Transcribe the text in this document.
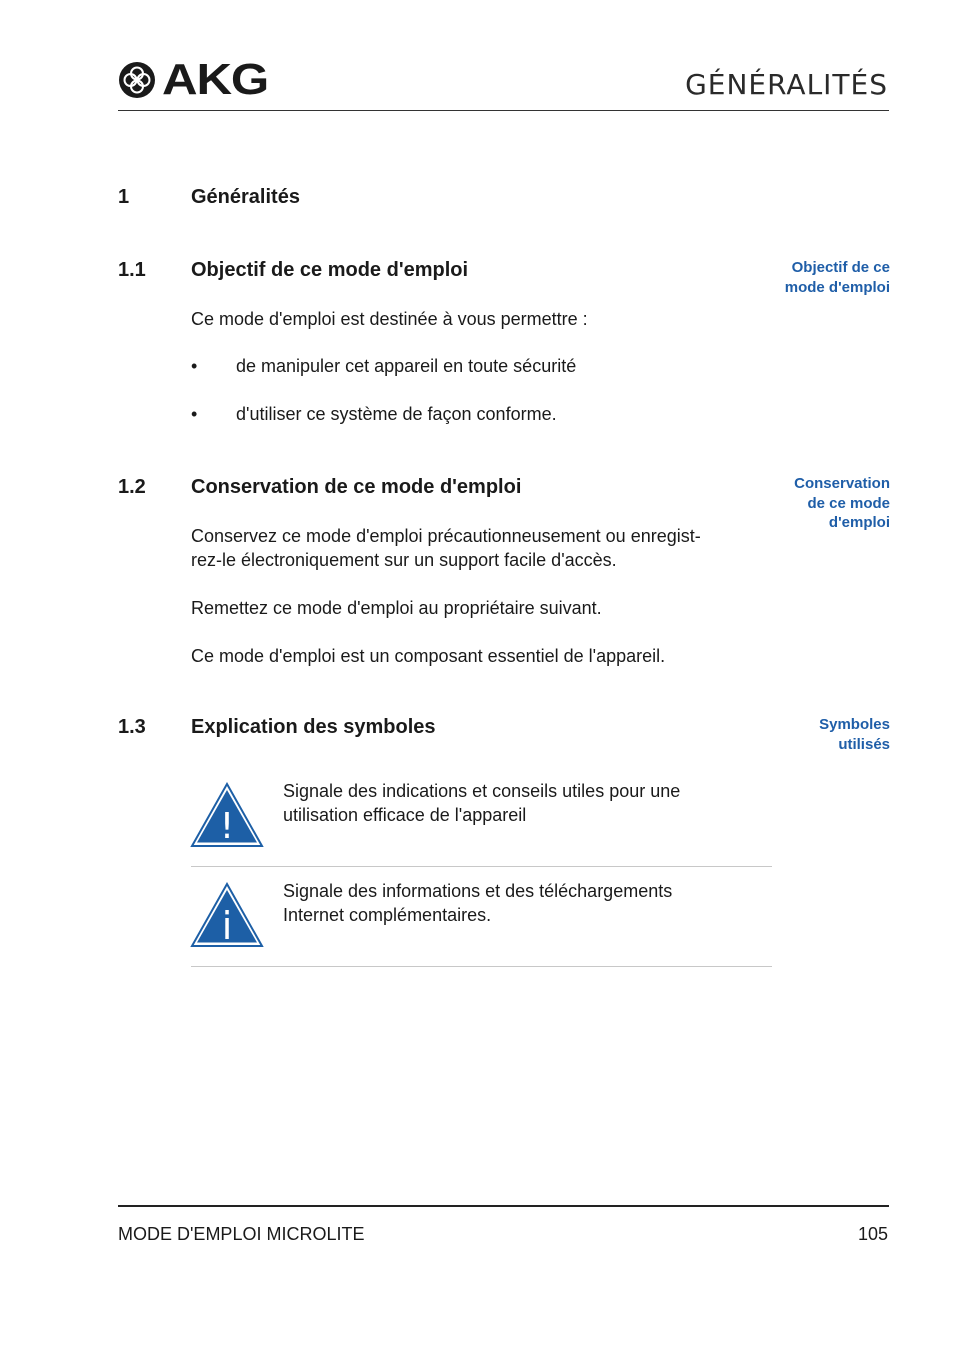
AKG	GÉNÉRALITÉS
1	Généralités
1.1 Objectif de ce mode d'emploi	Objectif de ce
mode d'emploi
Ce mode d'emploi est destinée à vous permettre :
• de manipuler cet appareil en toute sécurité
• d'utiliser ce système de façon conforme.
1.2 Conservation de ce mode d'emploi	Conservation
de ce mode
d'emploi
Conservez ce mode d'emploi précautionneusement ou enregist-
rez-le électroniquement sur un support facile d'accès.
Remettez ce mode d'emploi au propriétaire suivant.
Ce mode d'emploi est un composant essentiel de l'appareil.
1.3 Explication des symboles	Symboles
utilisés
!
Signale des indications et conseils utiles pour une
utilisation efficace de l'appareil
i
Signale des informations et des téléchargements
Internet complémentaires.
MODE D'EMPLOI MICROLITE	105
